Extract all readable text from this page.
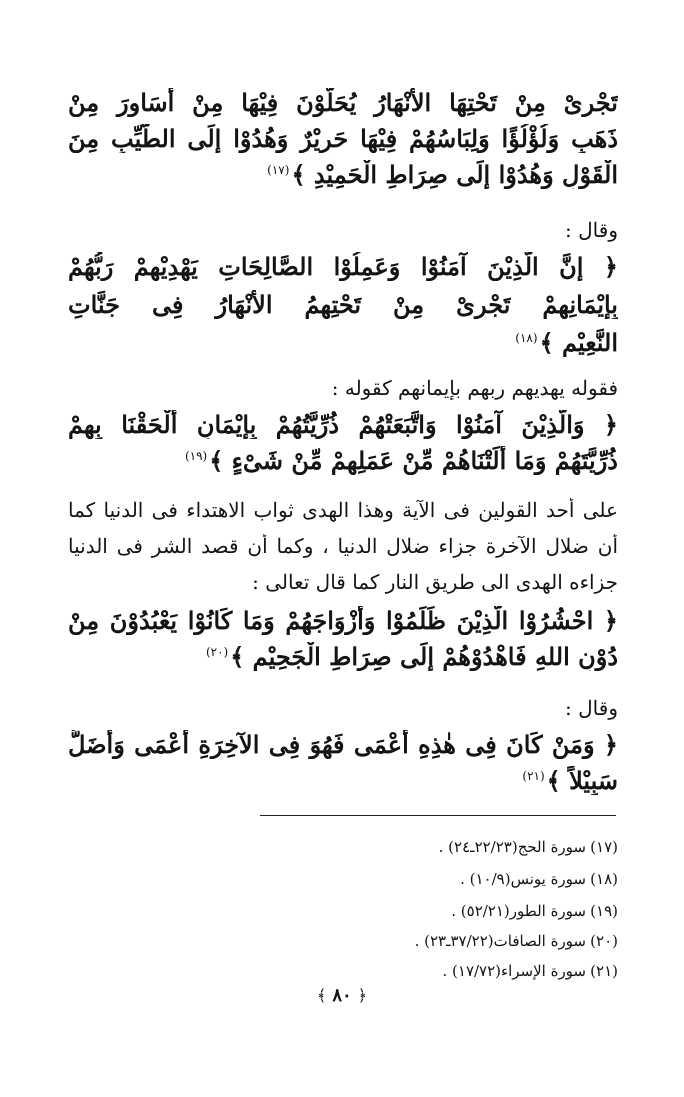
تَجْرِىْ مِنْ تَحْتِهَا الأَنْهَارُ يُحَلَّوْنَ فِيْهَا مِنْ أَسَاوِرَ مِنْ
ذَهَبٍ وَلُؤْلُؤًا وَلِبَاسُهُمْ فِيْهَا حَرِيْرٌ وَهُدُوْا إِلَى الطَّيِّبِ مِنَ
الْقَوْلِ وَهُدُوْا إِلَى صِرَاطِ الْحَمِيْدِ ﴾$^{(١٧)}$
وقال :
﴿ إِنَّ الَّذِيْنَ آمَنُوْا وَعَمِلُوْا الصَّالِحَاتِ يَهْدِيْهِمْ رَبُّهُمْ
بِإِيْمَانِهِمْ تَجْرِىْ مِنْ تَحْتِهِمُ الأَنْهَارُ فِى جَنَّاتِ
النَّعِيْمِ ﴾$^{(١٨)}$
فقوله يهديهم ربهم بإيمانهم كقوله :
﴿ وَالَّذِيْنَ آمَنُوْا وَاتَّبَعَتْهُمْ ذُرِّيَّتُهُمْ بِإِيْمَانٍ أَلْحَقْنَا بِهِمْ
ذُرِّيَّتَهُمْ وَمَا أَلَتْنَاهُمْ مِّنْ عَمَلِهِمْ مِّنْ شَىْءٍ ﴾$^{(١٩)}$
على أحد القولين فى الآية وهذا الهدى ثواب الاهتداء فى الدنيا كما
أن ضلال الآخرة جزاء ضلال الدنيا ، وكما أن قصد الشر فى الدنيا
جزاءه الهدى الى طريق النار كما قال تعالى :
﴿ احْشُرُوْا الَّذِيْنَ ظَلَمُوْا وَأَزْوَاجَهُمْ وَمَا كَانُوْا يَعْبُدُوْنَ مِنْ
دُوْنِ اللهِ فَاهْدُوْهُمْ إِلَى صِرَاطِ الْجَحِيْمِ ﴾$^{(٢٠)}$
وقال :
﴿ وَمَنْ كَانَ فِى هٰذِهِ أَعْمَى فَهُوَ فِى الآخِرَةِ أَعْمَى وَأَضَلُّ
سَبِيْلاً ﴾$^{(٢١)}$
(١٧)سورة الحج(٢٢/٢٣ـ٢٤) .
(١٨)سورة يونس(١٠/٩) .
(١٩)سورة الطور(٥٢/٢١) .
(٢٠)سورة الصافات(٣٧/٢٢ـ٢٣) .
(٢١)سورة الإسراء(١٧/٧٢) .
﴿٨٠﴾
